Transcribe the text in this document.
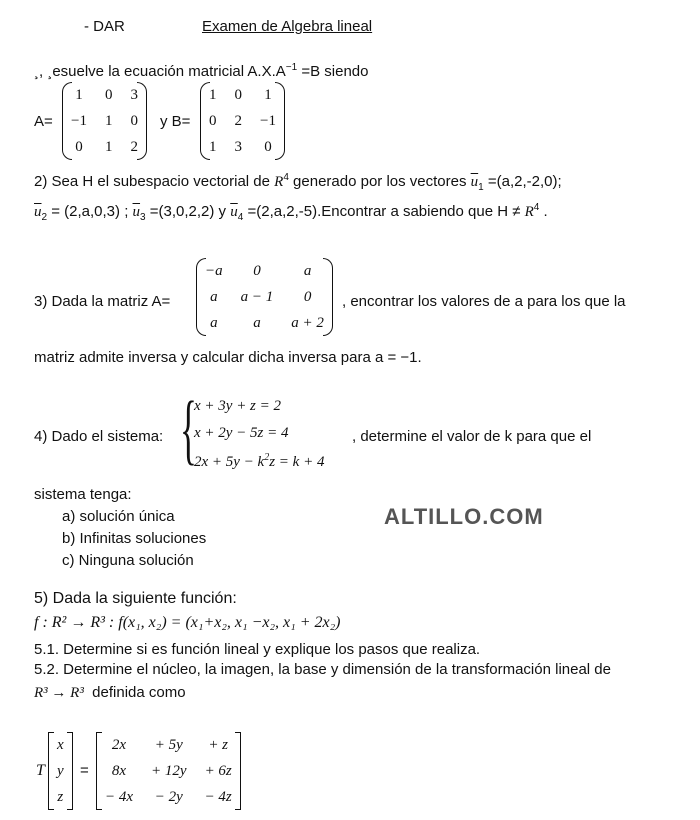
- DAR	Examen de Algebra lineal
¸, ¸esuelve la ecuación matricial $A.X.A^{-1} =B$ siendo
A=
1	0	3
−1	1	0
0	1	2
y B=
1	0	1
0	2	−1
1	3	0
2) Sea H el subespacio vectorial de $R^4$ generado por los vectores $\overline{u}_1 =(a,2,-2,0)$;
$\overline{u}_2 = (2,a,0,3)$ ; $\overline{u}_3 =(3,0,2,2)$ y $\overline{u}_4$ =(2,a,2,-5).Encontrar a sabiendo que $H \ne R^4$ .
3) Dada la matriz A=
−a	0	a
a	a − 1	0
a	a	a + 2
, encontrar los valores de a para los que la
matriz admite inversa y calcular dicha inversa para a = −1.
4) Dado el sistema: {
x + 3y + z = 2
x + 2y − 5z = 4
$2x + 5y - k^2z = k + 4$
, determine el valor de k para que el
sistema tenga:
a) solución única
b) Infinitas soluciones
c) Ninguna solución
ALTILLO.COM
5) Dada la siguiente función:
f : R² → R³ : f(x₁, x₂) = (x₁+x₂, x₁ −x₂, x₁ + 2x₂)
5.1. Determine si es función lineal y explique los pasos que realiza.
5.2. Determine el núcleo, la imagen, la base y dimensión de la transformación lineal de
R³ → R³ definida como
T
x
y
z
=
2x	+ 5y	+ z
8x	+ 12y	+ 6z
− 4x	− 2y	− 4z
